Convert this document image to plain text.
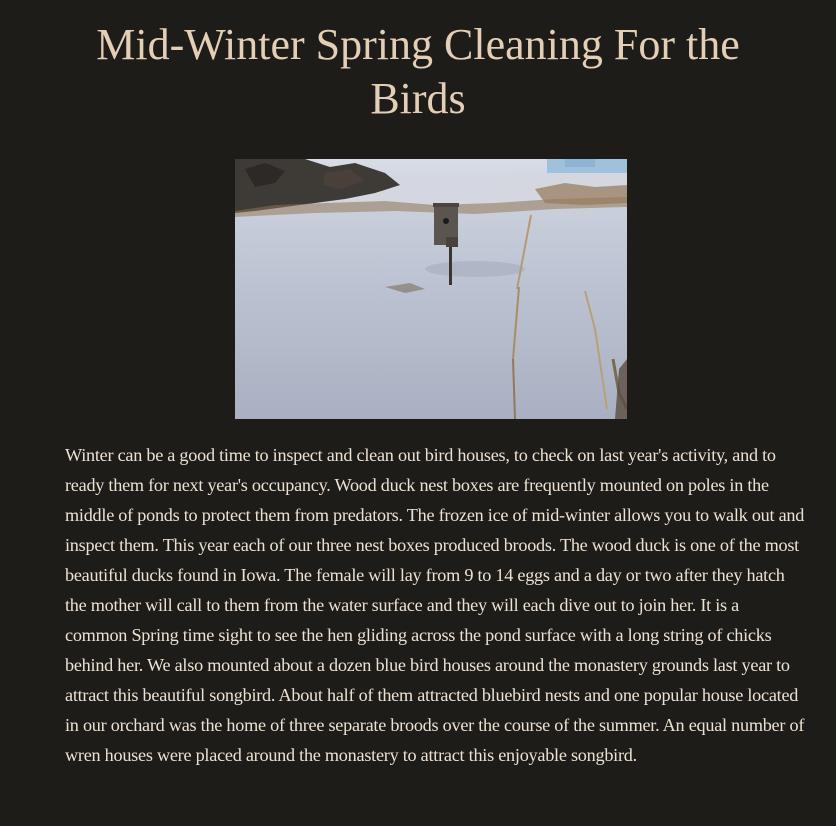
Mid-Winter Spring Cleaning For the Birds

Winter can be a good time to inspect and clean out bird houses, to check on last year's activity, and to ready them for next year's occupancy. Wood duck nest boxes are frequently mounted on poles in the middle of ponds to protect them from predators. The frozen ice of mid-winter allows you to walk out and inspect them. This year each of our three nest boxes produced broods. The wood duck is one of the most beautiful ducks found in Iowa. The female will lay from 9 to 14 eggs and a day or two after they hatch the mother will call to them from the water surface and they will each dive out to join her. It is a common Spring time sight to see the hen gliding across the pond surface with a long string of chicks behind her. We also mounted about a dozen blue bird houses around the monastery grounds last year to attract this beautiful songbird. About half of them attracted bluebird nests and one popular house located in our orchard was the home of three separate broods over the course of the summer. An equal number of wren houses were placed around the monastery to attract this enjoyable songbird.
